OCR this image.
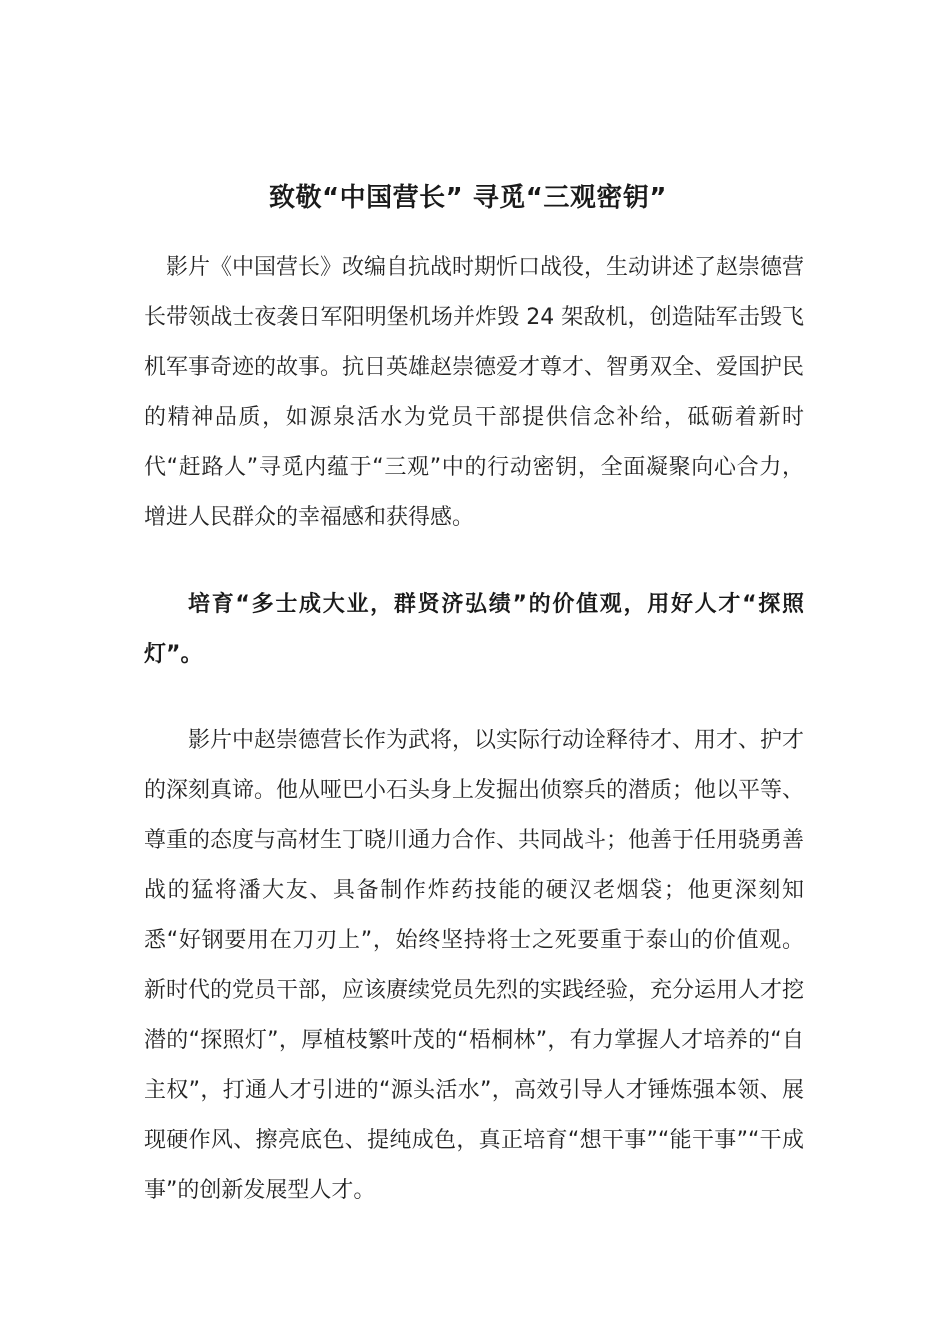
致敬“中国营长” 寻觅“三观密钥”

影片《中国营长》改编自抗战时期忻口战役，生动讲述了赵崇德营长带领战士夜袭日军阳明堡机场并炸毁 24 架敌机，创造陆军击毁飞机军事奇迹的故事。抗日英雄赵崇德爱才尊才、智勇双全、爱国护民的精神品质，如源泉活水为党员干部提供信念补给，砥砺着新时代“赶路人”寻觅内蕴于“三观”中的行动密钥，全面凝聚向心合力，增进人民群众的幸福感和获得感。

培育“多士成大业，群贤济弘绩”的价值观，用好人才“探照灯”。

影片中赵崇德营长作为武将，以实际行动诠释待才、用才、护才的深刻真谛。他从哑巴小石头身上发掘出侦察兵的潜质；他以平等、尊重的态度与高材生丁晓川通力合作、共同战斗；他善于任用骁勇善战的猛将潘大友、具备制作炸药技能的硬汉老烟袋；他更深刻知悉“好钢要用在刀刃上”，始终坚持将士之死要重于泰山的价值观。新时代的党员干部，应该赓续党员先烈的实践经验，充分运用人才挖潜的“探照灯”，厚植枝繁叶茂的“梧桐林”，有力掌握人才培养的“自主权”，打通人才引进的“源头活水”，高效引导人才锤炼强本领、展现硬作风、擦亮底色、提纯成色，真正培育“想干事”“能干事”“干成事”的创新发展型人才。
